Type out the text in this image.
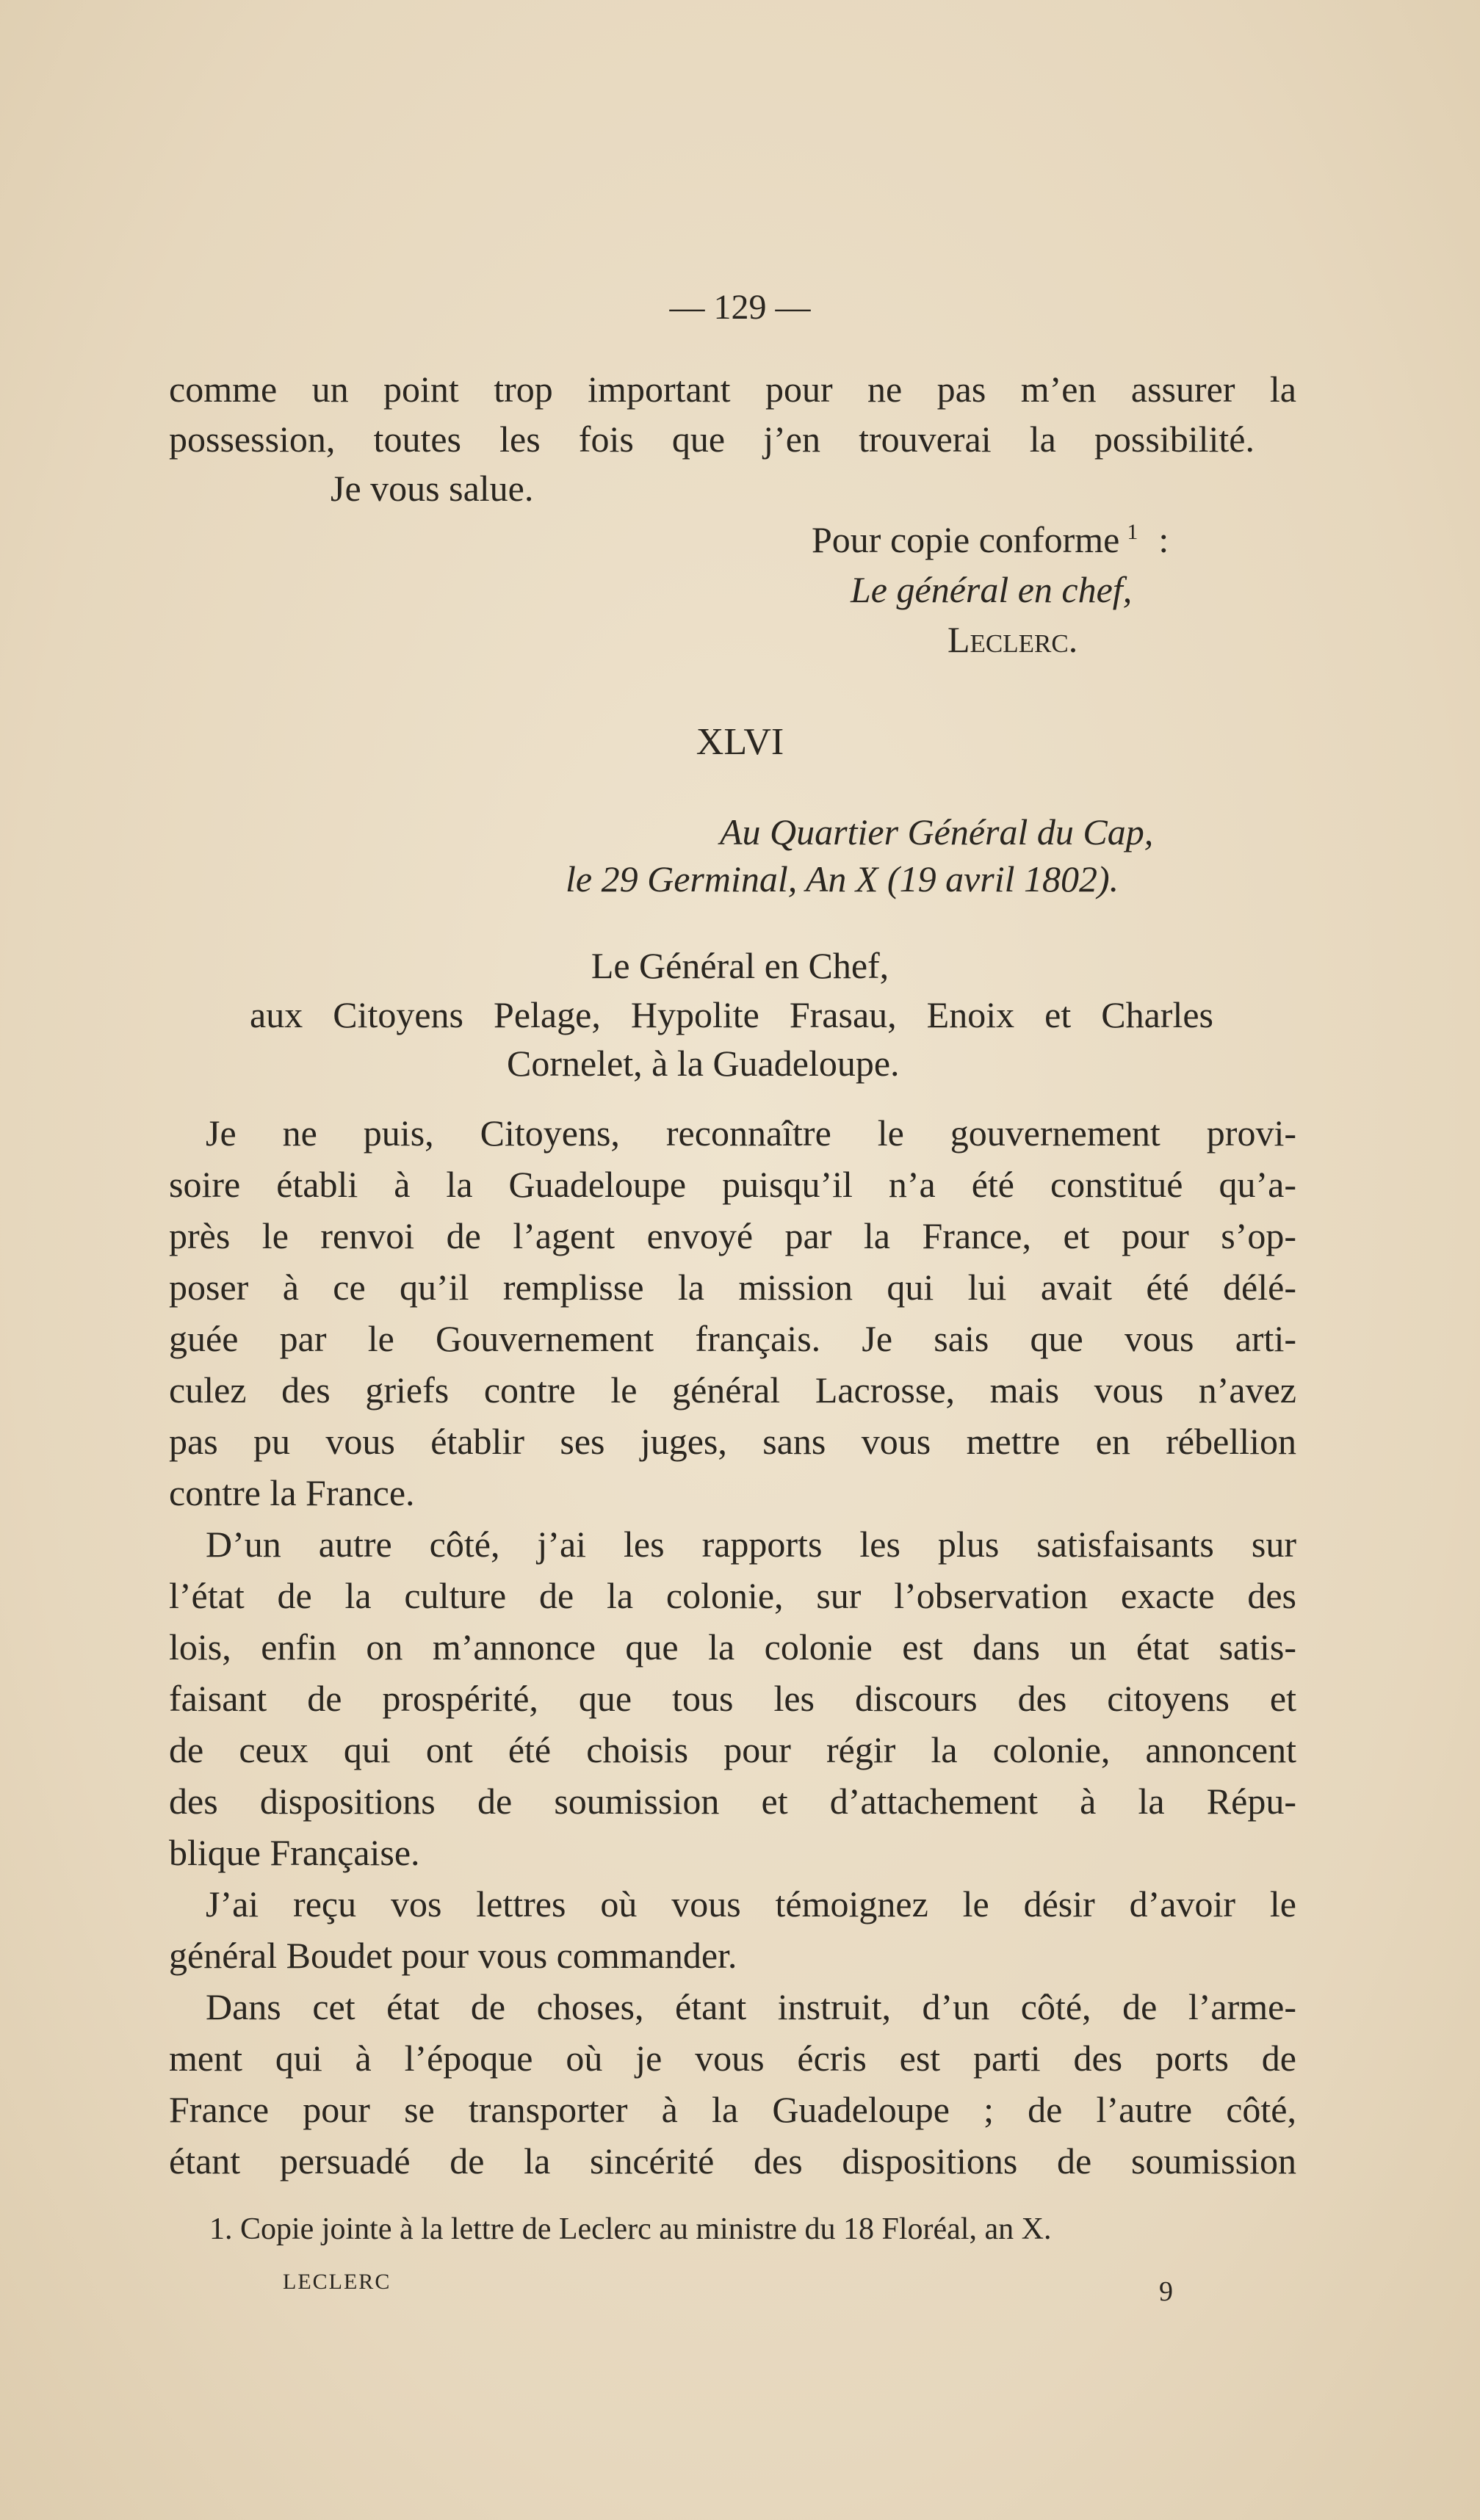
— 129 —
comme un point trop important pour ne pas m’en assurer la
possession, toutes les fois que j’en trouverai la possibilité.
Je vous salue.
Pour copie conforme $^1$ :
Le général en chef,
Leclerc.
XLVI
Au Quartier Général du Cap,
le 29 Germinal, An X (19 avril 1802).
Le Général en Chef,
aux Citoyens Pelage, Hypolite Frasau, Enoix et Charles
Cornelet, à la Guadeloupe.
Je ne puis, Citoyens, reconnaître le gouvernement provi-
soire établi à la Guadeloupe puisqu’il n’a été constitué qu’a-
près le renvoi de l’agent envoyé par la France, et pour s’op-
poser à ce qu’il remplisse la mission qui lui avait été délé-
guée par le Gouvernement français. Je sais que vous arti-
culez des griefs contre le général Lacrosse, mais vous n’avez
pas pu vous établir ses juges, sans vous mettre en rébellion
contre la France.
D’un autre côté, j’ai les rapports les plus satisfaisants sur
l’état de la culture de la colonie, sur l’observation exacte des
lois, enfin on m’annonce que la colonie est dans un état satis-
faisant de prospérité, que tous les discours des citoyens et
de ceux qui ont été choisis pour régir la colonie, annoncent
des dispositions de soumission et d’attachement à la Répu-
blique Française.
J’ai reçu vos lettres où vous témoignez le désir d’avoir le
général Boudet pour vous commander.
Dans cet état de choses, étant instruit, d’un côté, de l’arme-
ment qui à l’époque où je vous écris est parti des ports de
France pour se transporter à la Guadeloupe ; de l’autre côté,
étant persuadé de la sincérité des dispositions de soumission
1. Copie jointe à la lettre de Leclerc au ministre du 18 Floréal, an X.
LECLERC	9
